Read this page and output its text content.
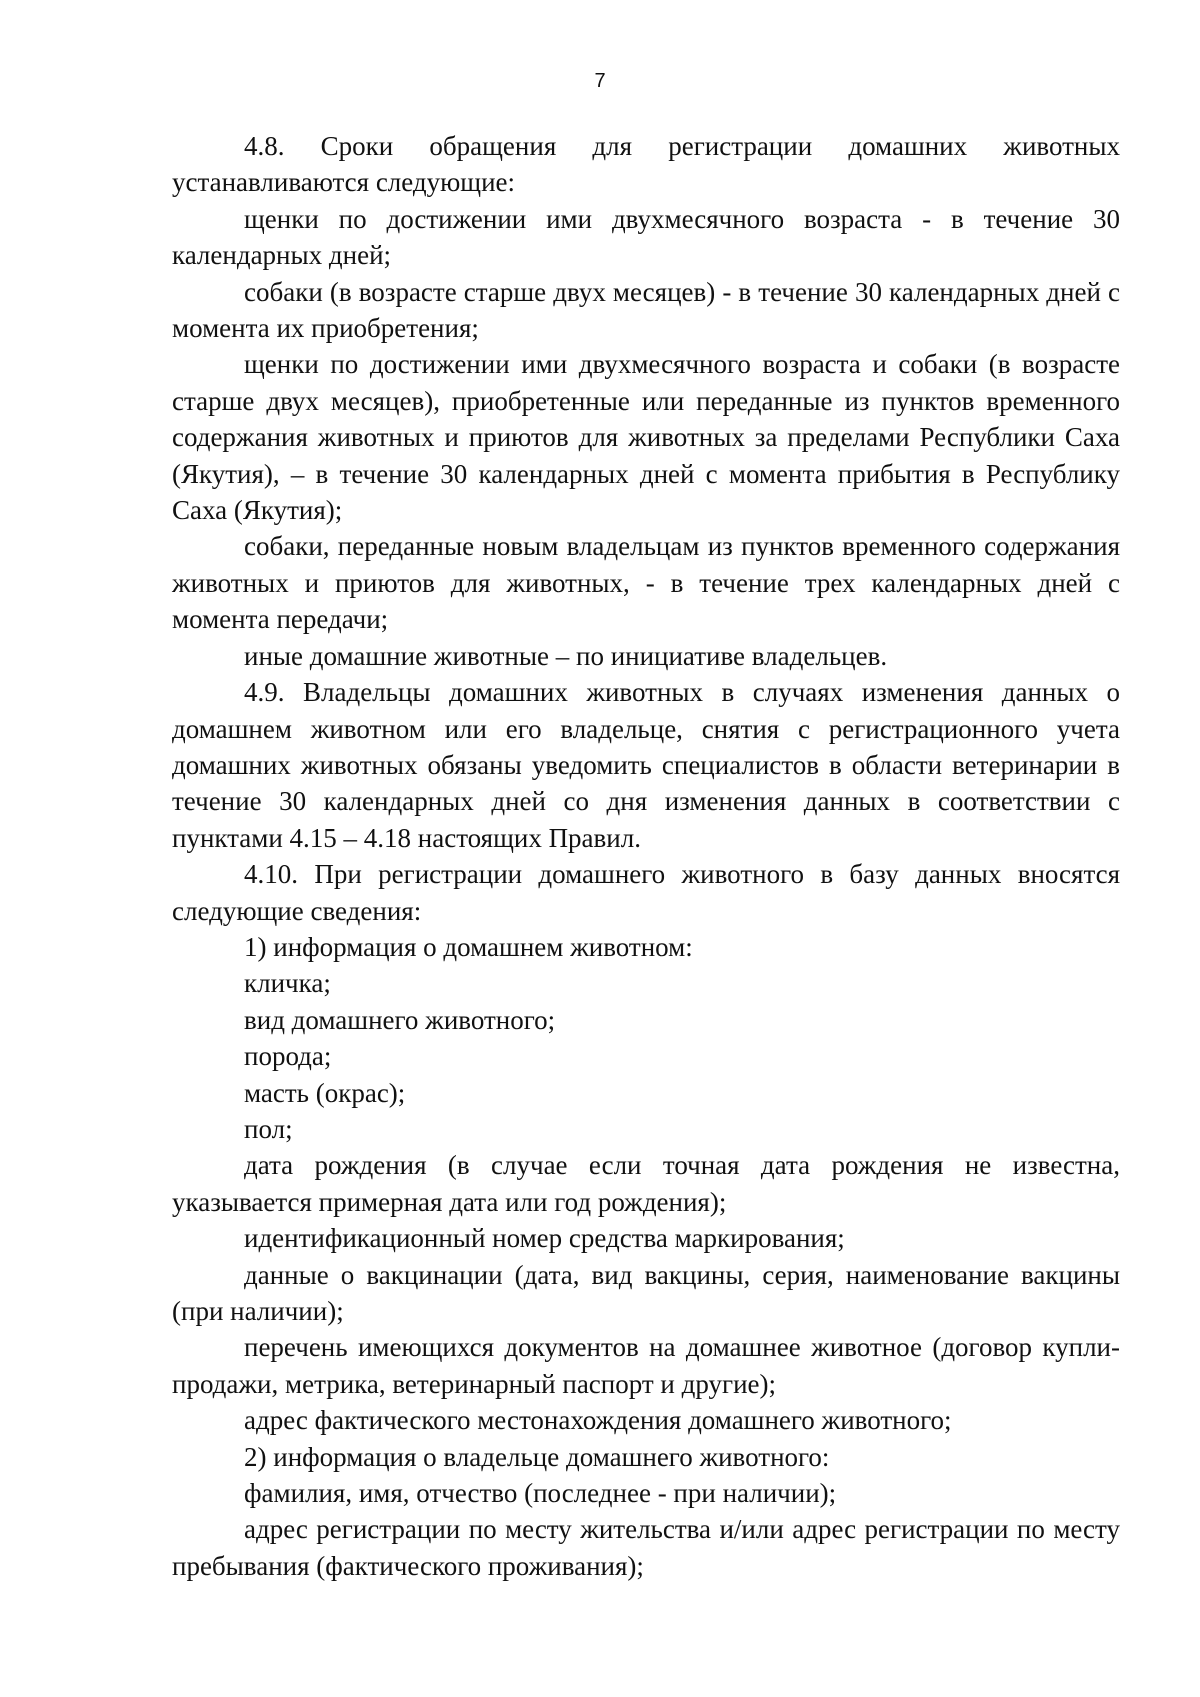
7

4.8. Сроки обращения для регистрации домашних животных устанавливаются следующие:

щенки по достижении ими двухмесячного возраста - в течение 30 календарных дней;

собаки (в возрасте старше двух месяцев) - в течение 30 календарных дней с момента их приобретения;

щенки по достижении ими двухмесячного возраста и собаки (в возрасте старше двух месяцев), приобретенные или переданные из пунктов временного содержания животных и приютов для животных за пределами Республики Саха (Якутия), – в течение 30 календарных дней с момента прибытия в Республику Саха (Якутия);

собаки, переданные новым владельцам из пунктов временного содержания животных и приютов для животных, - в течение трех календарных дней с момента передачи;

иные домашние животные – по инициативе владельцев.

4.9. Владельцы домашних животных в случаях изменения данных о домашнем животном или его владельце, снятия с регистрационного учета домашних животных обязаны уведомить специалистов в области ветеринарии в течение 30 календарных дней со дня изменения данных в соответствии с пунктами 4.15 – 4.18 настоящих Правил.

4.10. При регистрации домашнего животного в базу данных вносятся следующие сведения:

1) информация о домашнем животном:

кличка;

вид домашнего животного;

порода;

масть (окрас);

пол;

дата рождения (в случае если точная дата рождения не известна, указывается примерная дата или год рождения);

идентификационный номер средства маркирования;

данные о вакцинации (дата, вид вакцины, серия, наименование вакцины (при наличии);

перечень имеющихся документов на домашнее животное (договор купли-продажи, метрика, ветеринарный паспорт и другие);

адрес фактического местонахождения домашнего животного;

2) информация о владельце домашнего животного:

фамилия, имя, отчество (последнее - при наличии);

адрес регистрации по месту жительства и/или адрес регистрации по месту пребывания (фактического проживания);
